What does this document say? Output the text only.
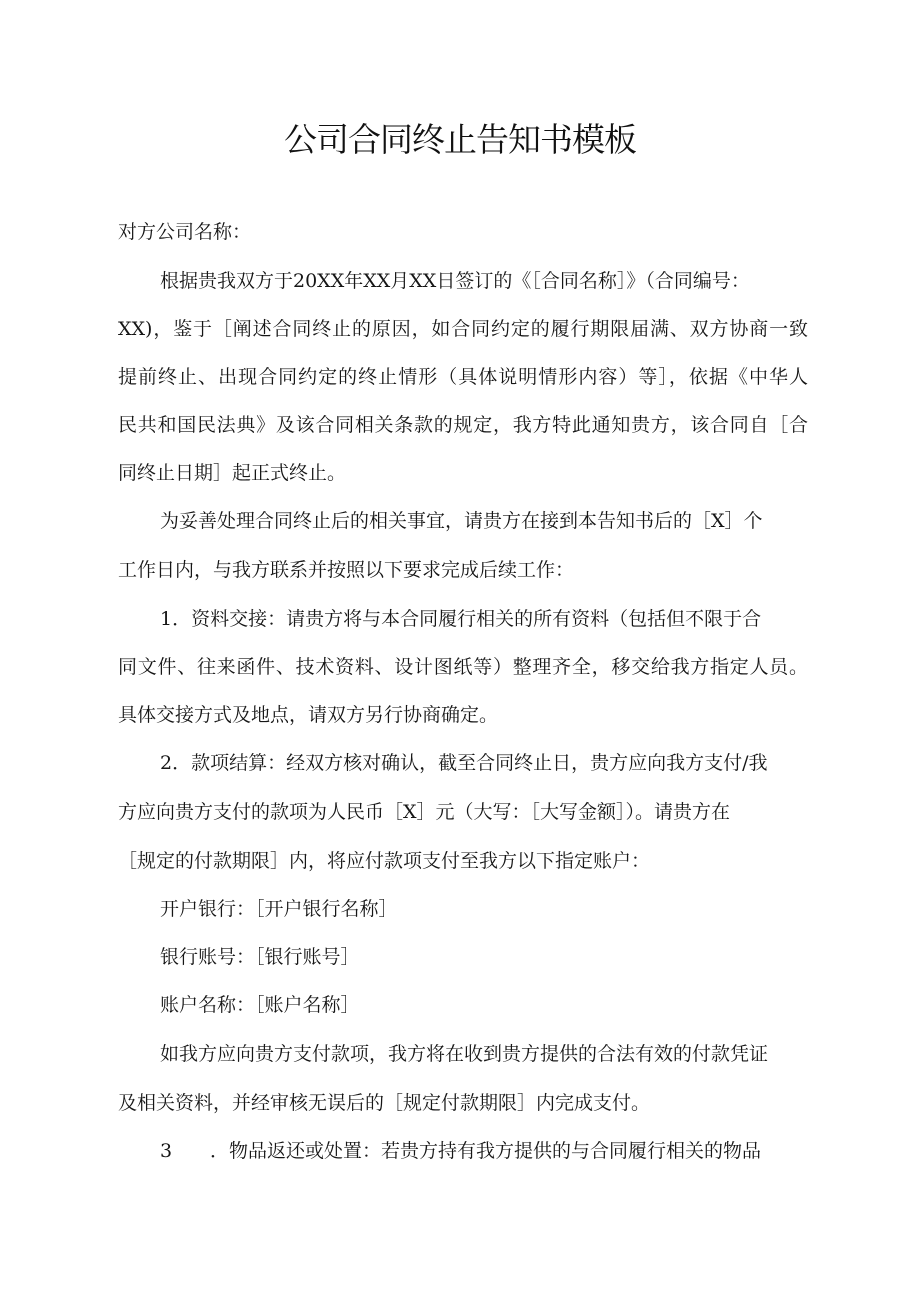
公司合同终止告知书模板
对方公司名称：
根据贵我双方于20XX年XX月XX日签订的《［合同名称］》（合同编号：
XX)，鉴于［阐述合同终止的原因，如合同约定的履行期限届满、双方协商一致
提前终止、出现合同约定的终止情形（具体说明情形内容）等］，依据《中华人
民共和国民法典》及该合同相关条款的规定，我方特此通知贵方，该合同自［合
同终止日期］起正式终止。
为妥善处理合同终止后的相关事宜，请贵方在接到本告知书后的［X］个
工作日内，与我方联系并按照以下要求完成后续工作：
1．资料交接：请贵方将与本合同履行相关的所有资料（包括但不限于合
同文件、往来函件、技术资料、设计图纸等）整理齐全，移交给我方指定人员。
具体交接方式及地点，请双方另行协商确定。
2．款项结算：经双方核对确认，截至合同终止日，贵方应向我方支付/我
方应向贵方支付的款项为人民币［X］元（大写：［大写金额］）。请贵方在
［规定的付款期限］内，将应付款项支付至我方以下指定账户：
开户银行：［开户银行名称］
银行账号：［银行账号］
账户名称：［账户名称］
如我方应向贵方支付款项，我方将在收到贵方提供的合法有效的付款凭证
及相关资料，并经审核无误后的［规定付款期限］内完成支付。
3 ．物品返还或处置：若贵方持有我方提供的与合同履行相关的物品
